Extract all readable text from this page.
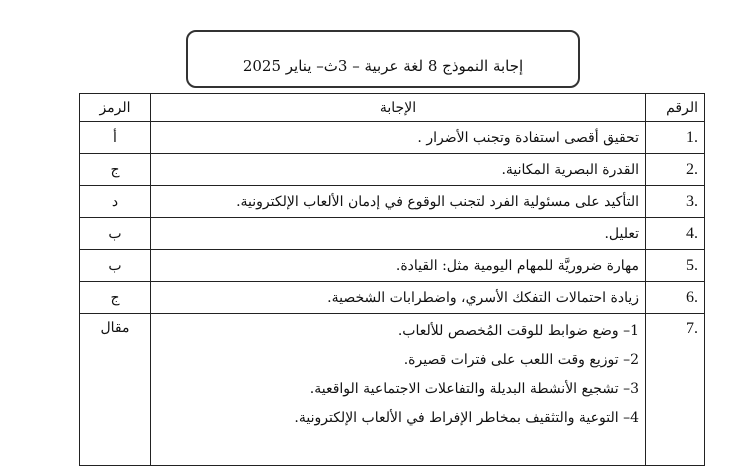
إجابة النموذج 8 لغة عربية – 3ث– يناير 2025
الرقم	الإجابة	الرمز
1.	تحقيق أقصى استفادة وتجنب الأضرار .	أ
2.	القدرة البصرية المكانية.	ج
3.	التأكيد على مسئولية الفرد لتجنب الوقوع في إدمان الألعاب الإلكترونية.	د
4.	تعليل.	ب
5.	مهارة ضروريَّة للمهام اليومية مثل: القيادة.	ب
6.	زيادة احتمالات التفكك الأسري، واضطرابات الشخصية.	ج
7.	1– وضع ضوابط للوقت المُخصص للألعاب.
2– توزيع وقت اللعب على فترات قصيرة.
3– تشجيع الأنشطة البديلة والتفاعلات الاجتماعية الواقعية.
4– التوعية والتثقيف بمخاطر الإفراط في الألعاب الإلكترونية.	مقال
